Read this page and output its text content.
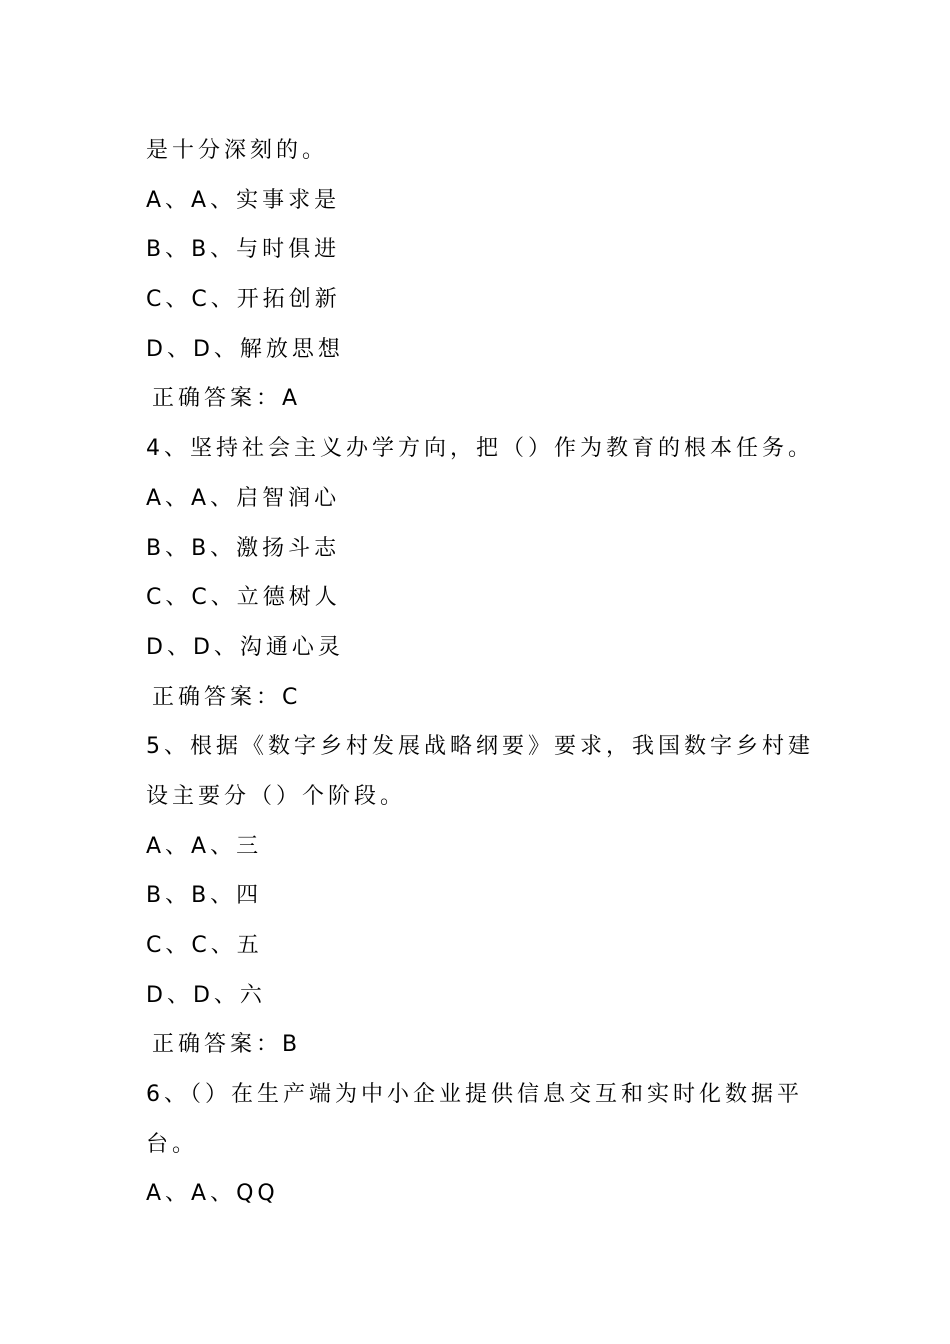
是十分深刻的。
A、A、实事求是
B、B、与时俱进
C、C、开拓创新
D、D、解放思想
正确答案：A
4、坚持社会主义办学方向，把（）作为教育的根本任务。
A、A、启智润心
B、B、激扬斗志
C、C、立德树人
D、D、沟通心灵
正确答案：C
5、根据《数字乡村发展战略纲要》要求，我国数字乡村建
设主要分（）个阶段。
A、A、三
B、B、四
C、C、五
D、D、六
正确答案：B
6、（）在生产端为中小企业提供信息交互和实时化数据平
台。
A、A、QQ
